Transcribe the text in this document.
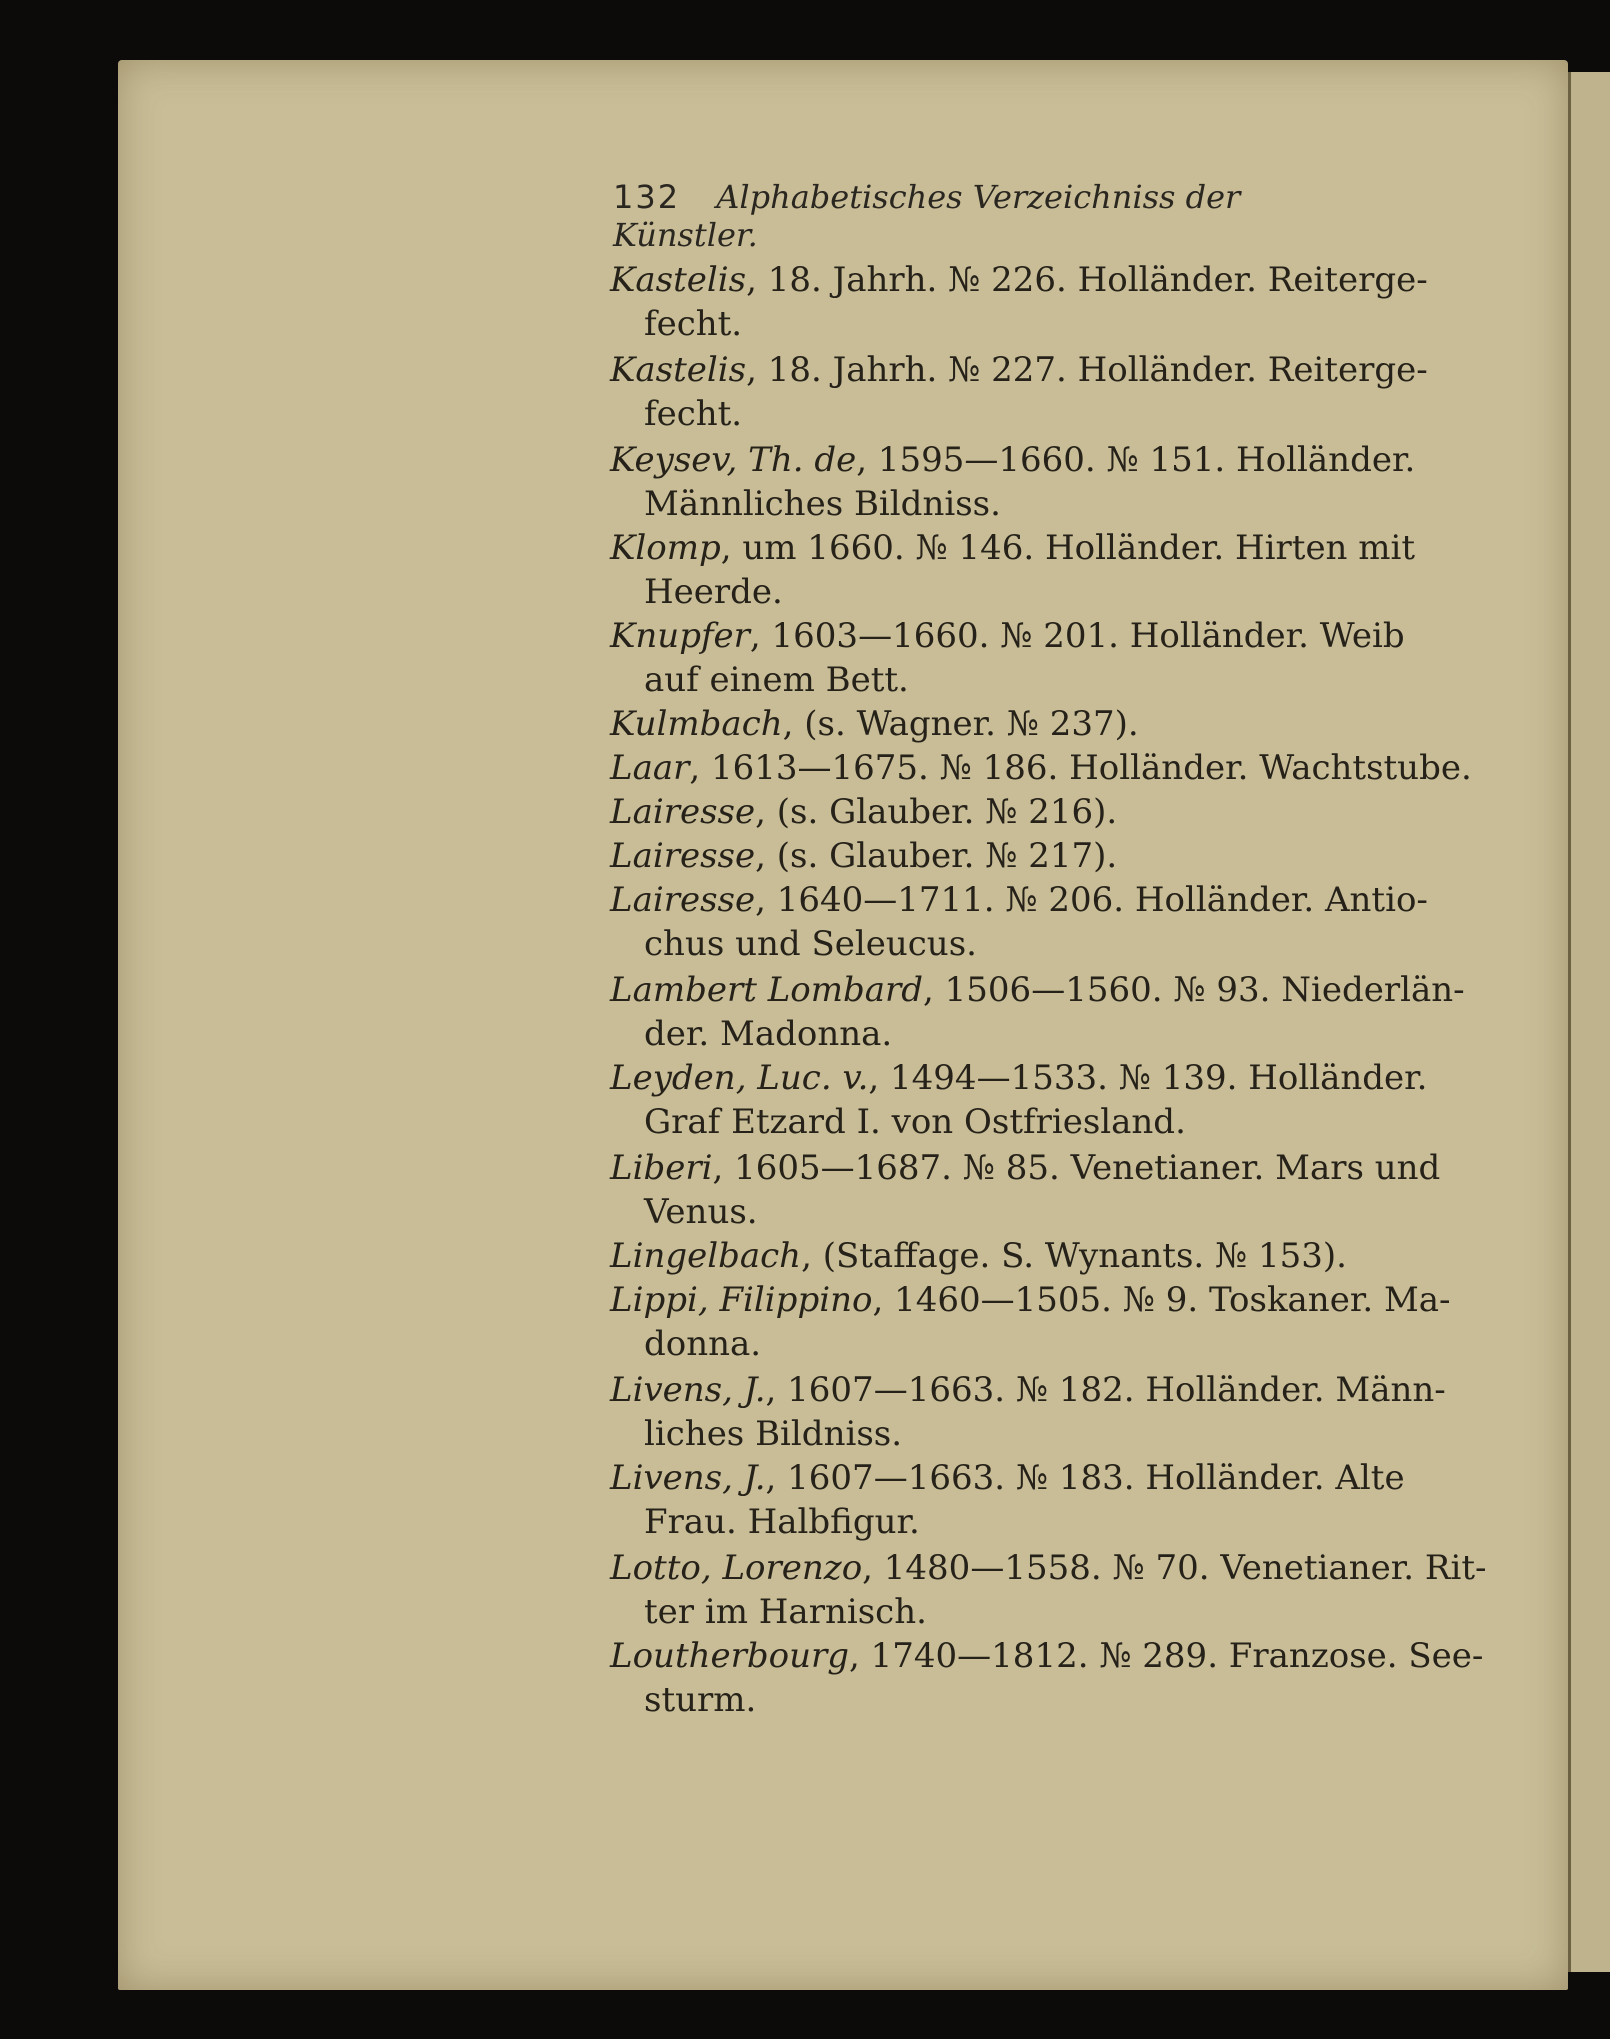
132 Alphabetisches Verzeichniss der Künstler.
Kastelis, 18. Jahrh. № 226. Holländer. Reiterge-
fecht.
Kastelis, 18. Jahrh. № 227. Holländer. Reiterge-
fecht.
Keysev, Th. de, 1595—1660. № 151. Holländer.
Männliches Bildniss.
Klomp, um 1660. № 146. Holländer. Hirten mit
Heerde.
Knupfer, 1603—1660. № 201. Holländer. Weib
auf einem Bett.
Kulmbach, (s. Wagner. № 237).
Laar, 1613—1675. № 186. Holländer. Wachtstube.
Lairesse, (s. Glauber. № 216).
Lairesse, (s. Glauber. № 217).
Lairesse, 1640—1711. № 206. Holländer. Antio-
chus und Seleucus.
Lambert Lombard, 1506—1560. № 93. Niederlän-
der. Madonna.
Leyden, Luc. v., 1494—1533. № 139. Holländer.
Graf Etzard I. von Ostfriesland.
Liberi, 1605—1687. № 85. Venetianer. Mars und
Venus.
Lingelbach, (Staffage. S. Wynants. № 153).
Lippi, Filippino, 1460—1505. № 9. Toskaner. Ma-
donna.
Livens, J., 1607—1663. № 182. Holländer. Männ-
liches Bildniss.
Livens, J., 1607—1663. № 183. Holländer. Alte
Frau. Halbfigur.
Lotto, Lorenzo, 1480—1558. № 70. Venetianer. Rit-
ter im Harnisch.
Loutherbourg, 1740—1812. № 289. Franzose. See-
sturm.
